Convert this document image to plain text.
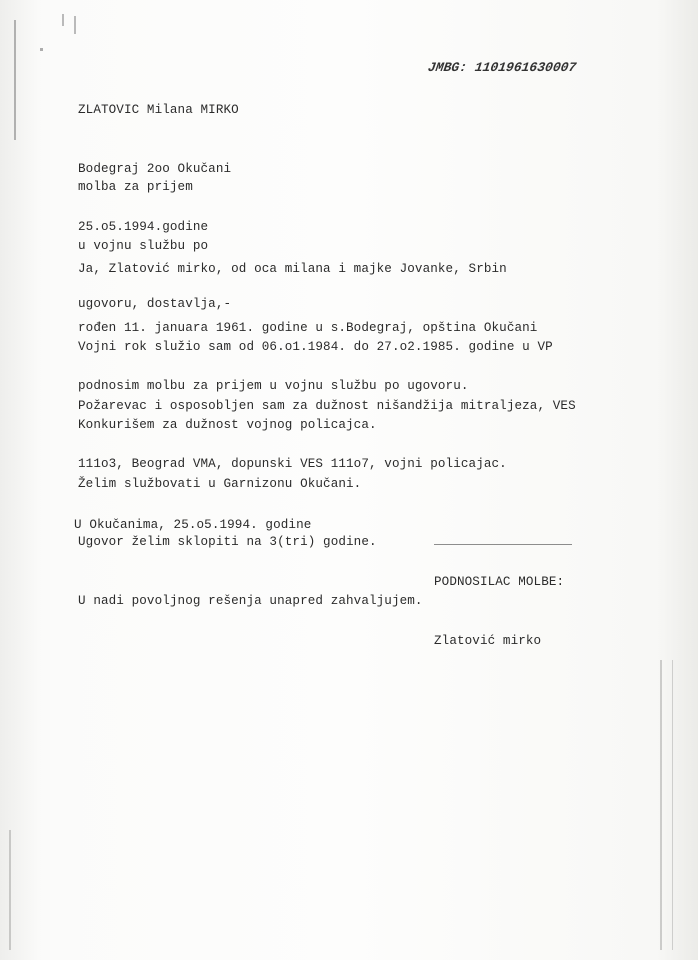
ZLATOVIC Milana MIRKO

Bodegraj 2oo Okučani

25.o5.1994.godine

JMBG: 1101961630007

molba za prijem

u vojnu službu po

ugovoru, dostavlja,-

Ja, Zlatović mirko, od oca milana i majke Jovanke, Srbin

rođen 11. januara 1961. godine u s.Bodegraj, opština Okučani

podnosim molbu za prijem u vojnu službu po ugovoru.

Vojni rok služio sam od 06.o1.1984. do 27.o2.1985. godine u VP

Požarevac i osposobljen sam za dužnost nišandžija mitraljeza, VES

111o3, Beograd VMA, dopunski VES 111o7, vojni policajac.

Konkurišem za dužnost vojnog policajca.

Želim službovati u Garnizonu Okučani.

Ugovor želim sklopiti na 3(tri) godine.

U nadi povoljnog rešenja unapred zahvaljujem.

U Okučanima, 25.o5.1994. godine

PODNOSILAC MOLBE:

Zlatović mirko
